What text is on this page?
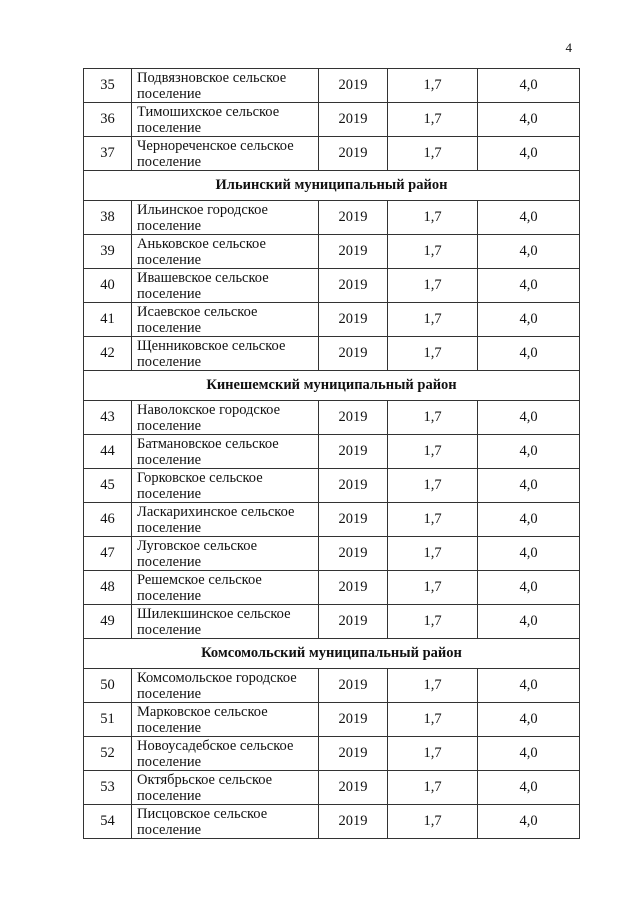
4
35	Подвязновское сельское
поселение	2019	1,7	4,0
36	Тимошихское сельское
поселение	2019	1,7	4,0
37	Чернореченское сельское
поселение	2019	1,7	4,0
Ильинский муниципальный район				
38	Ильинское городское
поселение	2019	1,7	4,0
39	Аньковское сельское
поселение	2019	1,7	4,0
40	Ивашевское сельское
поселение	2019	1,7	4,0
41	Исаевское сельское
поселение	2019	1,7	4,0
42	Щенниковское сельское
поселение	2019	1,7	4,0
Кинешемский муниципальный район				
43	Наволокское городское
поселение	2019	1,7	4,0
44	Батмановское сельское
поселение	2019	1,7	4,0
45	Горковское сельское
поселение	2019	1,7	4,0
46	Ласкарихинское сельское
поселение	2019	1,7	4,0
47	Луговское сельское
поселение	2019	1,7	4,0
48	Решемское сельское
поселение	2019	1,7	4,0
49	Шилекшинское сельское
поселение	2019	1,7	4,0
Комсомольский муниципальный район				
50	Комсомольское городское
поселение	2019	1,7	4,0
51	Марковское сельское
поселение	2019	1,7	4,0
52	Новоусадебское сельское
поселение	2019	1,7	4,0
53	Октябрьское сельское
поселение	2019	1,7	4,0
54	Писцовское сельское
поселение	2019	1,7	4,0
